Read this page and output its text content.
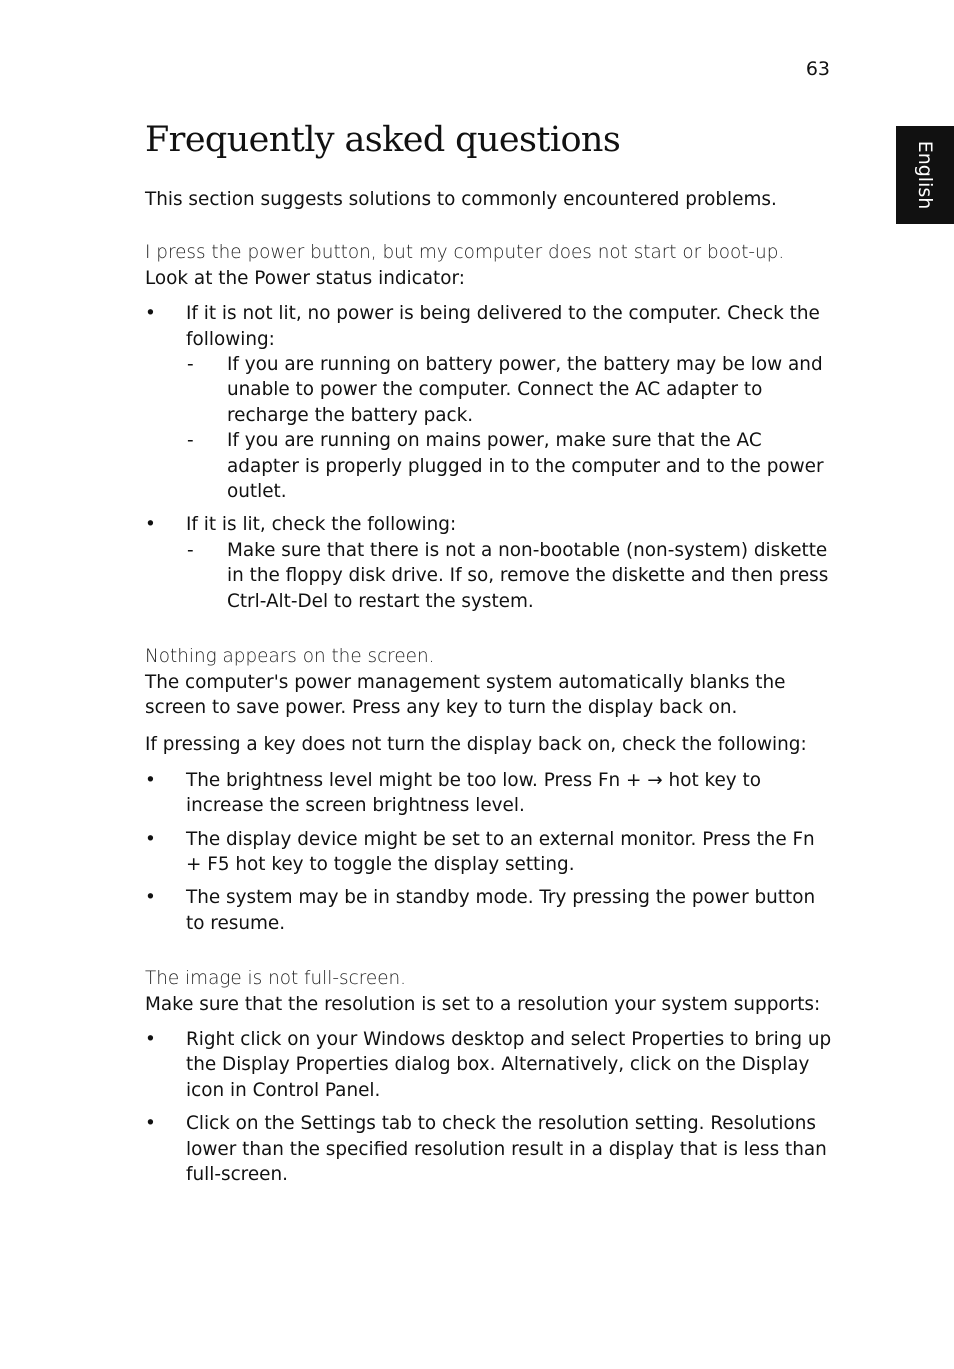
63
English
Frequently asked questions

This section suggests solutions to commonly encountered problems.

I press the power button, but my computer does not start or boot-up.

Look at the Power status indicator:

• If it is not lit, no power is being delivered to the computer. Check the following:
- If you are running on battery power, the battery may be low and unable to power the computer. Connect the AC adapter to recharge the battery pack.
- If you are running on mains power, make sure that the AC adapter is properly plugged in to the computer and to the power outlet.
• If it is lit, check the following:
- Make sure that there is not a non-bootable (non-system) diskette in the floppy disk drive. If so, remove the diskette and then press Ctrl-Alt-Del to restart the system.

Nothing appears on the screen.

The computer's power management system automatically blanks the screen to save power. Press any key to turn the display back on.

If pressing a key does not turn the display back on, check the following:

• The brightness level might be too low. Press Fn + → hot key to increase the screen brightness level.
• The display device might be set to an external monitor. Press the Fn + F5 hot key to toggle the display setting.
• The system may be in standby mode. Try pressing the power button to resume.

The image is not full-screen.

Make sure that the resolution is set to a resolution your system supports:

• Right click on your Windows desktop and select Properties to bring up the Display Properties dialog box. Alternatively, click on the Display icon in Control Panel.
• Click on the Settings tab to check the resolution setting. Resolutions lower than the specified resolution result in a display that is less than full-screen.
